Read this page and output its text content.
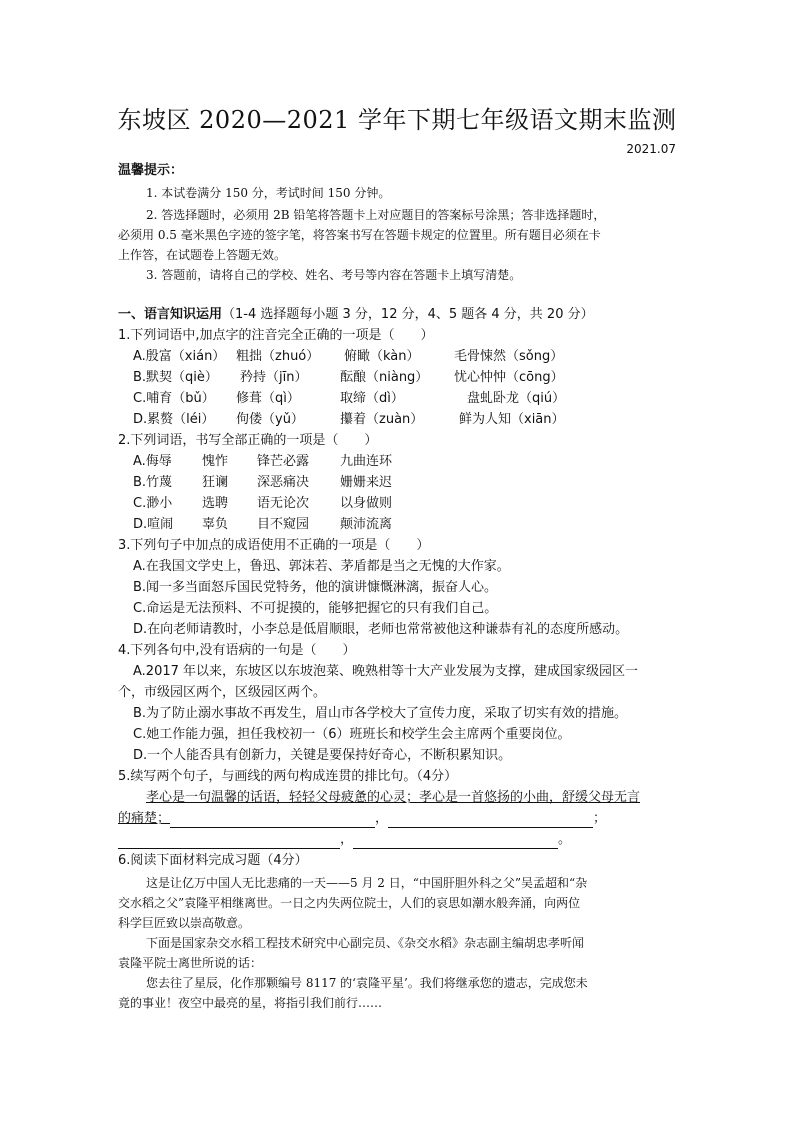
东坡区 2020—2021 学年下期七年级语文期末监测
2021.07
温馨提示：
1. 本试卷满分 150 分，考试时间 150 分钟。
2. 答选择题时，必须用 2B 铅笔将答题卡上对应题目的答案标号涂黑；答非选择题时，
必须用 0.5 毫米黑色字迹的签字笔，将答案书写在答题卡规定的位置里。所有题目必须在卡
上作答，在试题卷上答题无效。
3. 答题前，请将自己的学校、姓名、考号等内容在答题卡上填写清楚。
一、语言知识运用（1-4 选择题每小题 3 分，12 分，4、5 题各 4 分，共 20 分）
1.下列词语中,加点字的注音完全正确的一项是（　　）
A.殷富（xián） 粗拙（zhuó） 俯瞰（kàn）	毛骨悚然（sǒng）
B.默契（qiè） 矜持（jīn）	酝酿（niàng） 忧心忡忡（cōng）
C.哺育（bǔ） 修葺（qì）	取缔（dì）	盘虬卧龙（qiú）
D.累赘（léi） 佝偻（yǔ）	攥着（zuàn）	鲜为人知（xiān）
2.下列词语，书写全部正确的一项是（　　）
A.侮辱 愧怍 锋芒必露 九曲连环
B.竹蔑 狂谰 深恶痛决 姗姗来迟
C.渺小 选聘 语无论次 以身做则
D.喧闹 辜负 目不窥园 颠沛流离
3.下列句子中加点的成语使用不正确的一项是（　　）
A.在我国文学史上，鲁迅、郭沫若、茅盾都是当之无愧的大作家。
B.闻一多当面怒斥国民党特务，他的演讲慷慨淋漓，振奋人心。
C.命运是无法预料、不可捉摸的，能够把握它的只有我们自己。
D.在向老师请教时，小李总是低眉顺眼，老师也常常被他这种谦恭有礼的态度所感动。
4.下列各句中,没有语病的一句是（　　）
A.2017 年以来，东坡区以东坡泡菜、晚熟柑等十大产业发展为支撑，建成国家级园区一
个，市级园区两个，区级园区两个。
B.为了防止溺水事故不再发生，眉山市各学校大了宣传力度，采取了切实有效的措施。
C.她工作能力强，担任我校初一（6）班班长和校学生会主席两个重要岗位。
D.一个人能否具有创新力，关键是要保持好奇心，不断积累知识。
5.续写两个句子，与画线的两句构成连贯的排比句。（4分）
孝心是一句温馨的话语，轻轻父母疲惫的心灵；孝心是一首悠扬的小曲，舒缓父母无言
的痛楚；	，	；
，	。
6.阅读下面材料完成习题（4分）
这是让亿万中国人无比悲痛的一天——5 月 2 日，“中国肝胆外科之父”吴孟超和“杂
交水稻之父”袁隆平相继离世。一日之内失两位院士，人们的哀思如潮水般奔涌，向两位
科学巨匠致以崇高敬意。
下面是国家杂交水稻工程技术研究中心副完员、《杂交水稻》杂志副主编胡忠孝听闻
袁隆平院士离世所说的话：
您去往了星辰，化作那颗编号 8117 的‘袁隆平星’。我们将继承您的遗志，完成您未
竟的事业！夜空中最亮的星，将指引我们前行……
